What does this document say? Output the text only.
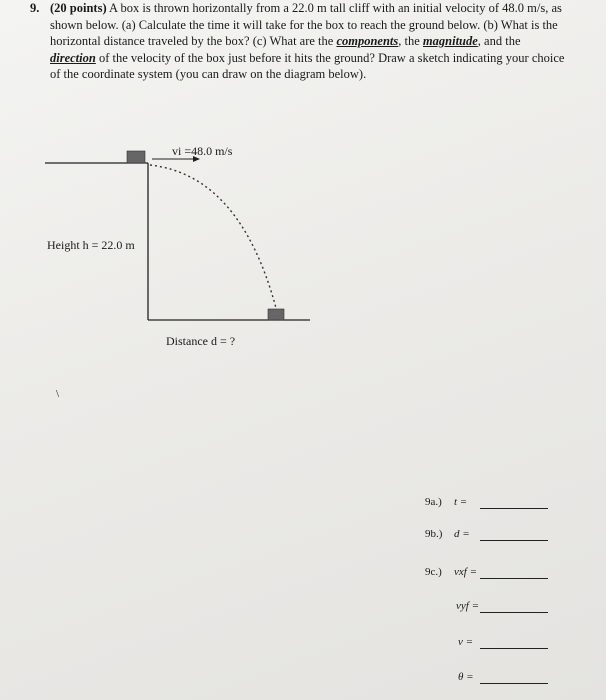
9. (20 points) A box is thrown horizontally from a 22.0 m tall cliff with an initial velocity of 48.0 m/s, as shown below. (a) Calculate the time it will take for the box to reach the ground below. (b) What is the horizontal distance traveled by the box? (c) What are the components, the magnitude, and the direction of the velocity of the box just before it hits the ground? Draw a sketch indicating your choice of the coordinate system (you can draw on the diagram below).
vi =48.0 m/s
Height h = 22.0 m
Distance d = ?
\
9a.) t =
9b.) d =
9c.) vxf =
vyf =
v =
θ =
